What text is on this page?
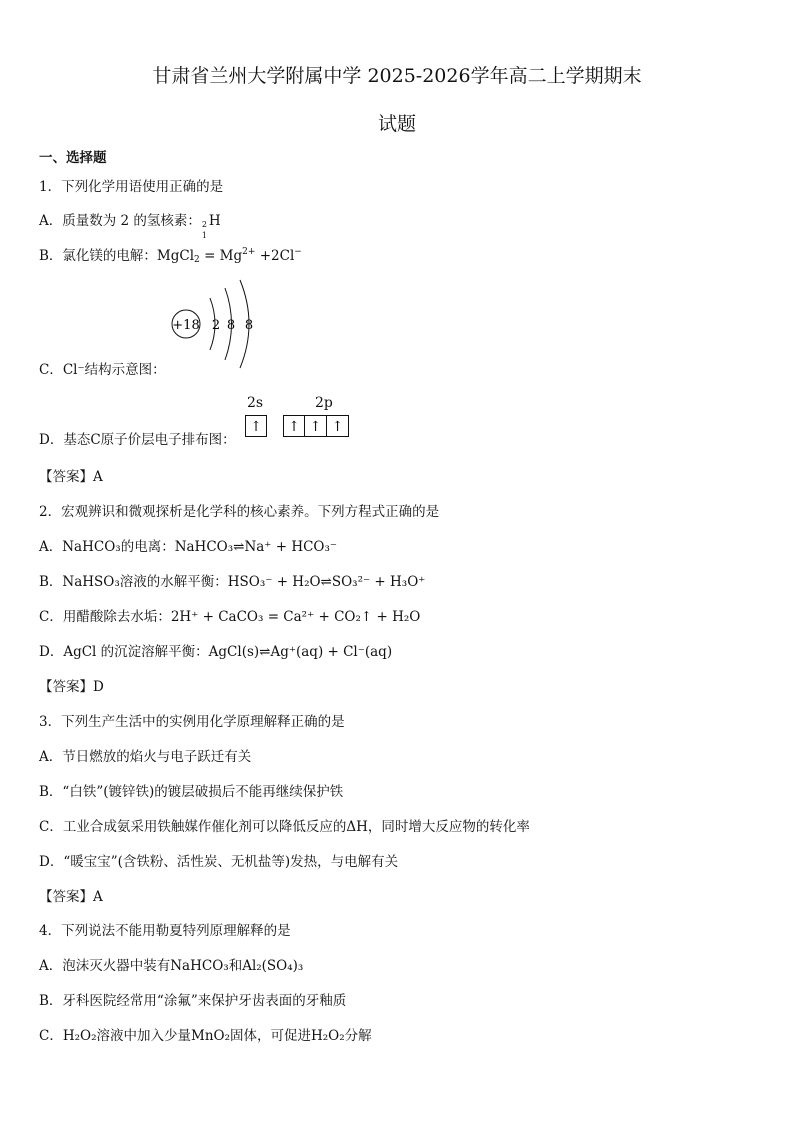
甘肃省兰州大学附属中学 2025-2026学年高二上学期期末
试题
一、选择题
1．下列化学用语使用正确的是
A．质量数为 2 的氢核素： 2
1
H
B．氯化镁的电解：MgCl$_2$ = $Mg^{2+} +2Cl^-$
+18 2 8 8
C．Cl⁻结构示意图：
2s	2p
↑	↑ ↑ ↑
D．基态C原子价层电子排布图：
【答案】A
2．宏观辨识和微观探析是化学科的核心素养。下列方程式正确的是
A．NaHCO₃的电离：NaHCO₃⇌Na⁺ + HCO₃⁻
B．NaHSO₃溶液的水解平衡：HSO₃⁻ + H₂O⇌SO₃²⁻ + H₃O⁺
C．用醋酸除去水垢：2H⁺ + CaCO₃ = Ca²⁺ + CO₂↑ + H₂O
D．AgCl 的沉淀溶解平衡：AgCl(s)⇌Ag⁺(aq) + Cl⁻(aq)
【答案】D
3．下列生产生活中的实例用化学原理解释正确的是
A．节日燃放的焰火与电子跃迁有关
B．“白铁”(镀锌铁)的镀层破损后不能再继续保护铁
C．工业合成氨采用铁触媒作催化剂可以降低反应的ΔH，同时增大反应物的转化率
D．“暖宝宝”(含铁粉、活性炭、无机盐等)发热，与电解有关
【答案】A
4．下列说法不能用勒夏特列原理解释的是
A．泡沫灭火器中装有NaHCO₃和Al₂(SO₄)₃
B．牙科医院经常用“涂氟”来保护牙齿表面的牙釉质
C．H₂O₂溶液中加入少量MnO₂固体，可促进H₂O₂分解
